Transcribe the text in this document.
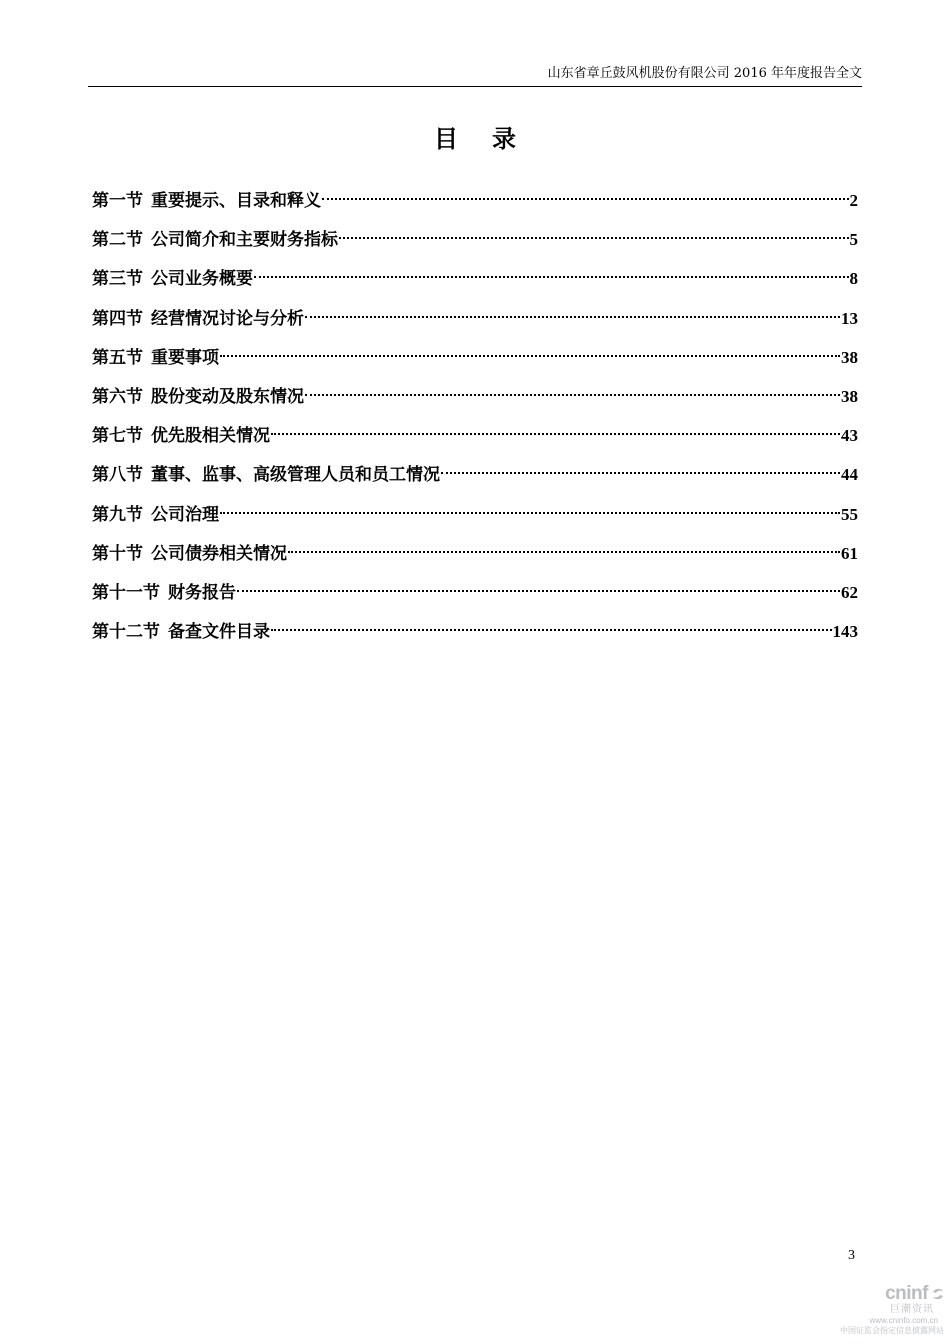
山东省章丘鼓风机股份有限公司 2016 年年度报告全文
目录
第一节 重要提示、目录和释义	2
第二节 公司简介和主要财务指标	5
第三节 公司业务概要	8
第四节 经营情况讨论与分析	13
第五节 重要事项	38
第六节 股份变动及股东情况	38
第七节 优先股相关情况	43
第八节 董事、监事、高级管理人员和员工情况	44
第九节 公司治理	55
第十节 公司债券相关情况	61
第十一节 财务报告	62
第十二节 备查文件目录	143
3
cninf
巨潮资讯
www.cninfo.com.cn
中国证监会指定信息披露网站
